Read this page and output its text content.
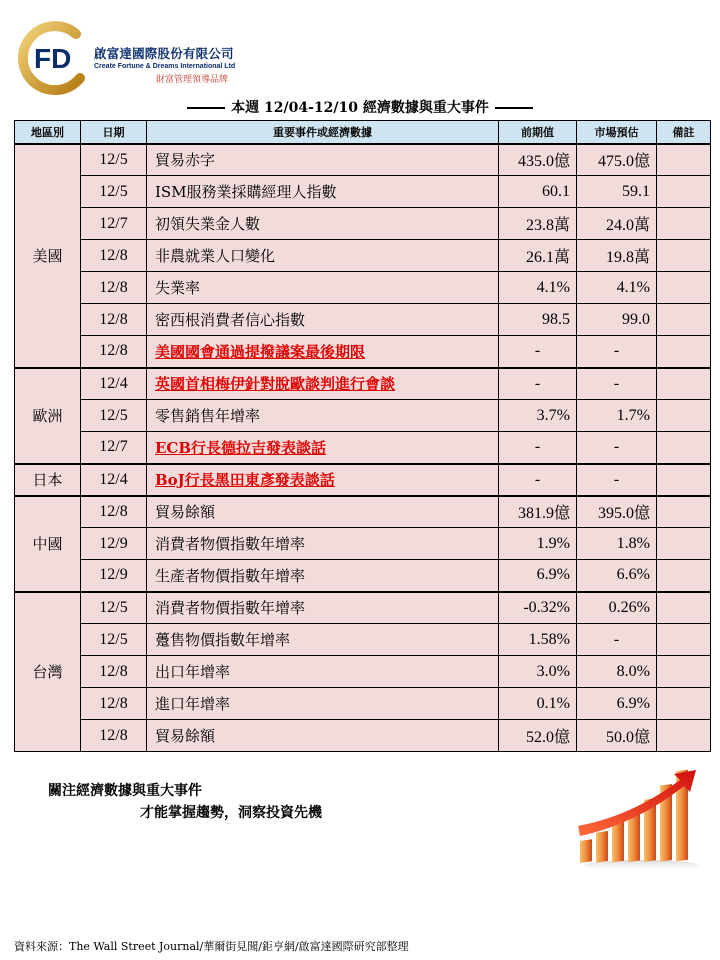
FD 啟富達國際股份有限公司
Create Fortune & Dreams International Ltd
財富管理領導品牌
本週 12/04-12/10 經濟數據與重大事件
地區別	日期	重要事件或經濟數據	前期值	市場預估	備註
美國	12/5	貿易赤字	435.0億	475.0億	
	12/5	ISM服務業採購經理人指數	60.1	59.1	
	12/7	初領失業金人數	23.8萬	24.0萬	
	12/8	非農就業人口變化	26.1萬	19.8萬	
	12/8	失業率	4.1%	4.1%	
	12/8	密西根消費者信心指數	98.5	99.0	
	12/8	美國國會通過提撥議案最後期限	-	-	
歐洲	12/4	英國首相梅伊針對脫歐談判進行會談	-	-	
	12/5	零售銷售年增率	3.7%	1.7%	
	12/7	ECB行長德拉吉發表談話	-	-	
日本	12/4	BoJ行長黑田東彥發表談話	-	-	
中國	12/8	貿易餘額	381.9億	395.0億	
	12/9	消費者物價指數年增率	1.9%	1.8%	
	12/9	生產者物價指數年增率	6.9%	6.6%	
台灣	12/5	消費者物價指數年增率	-0.32%	0.26%	
	12/5	躉售物價指數年增率	1.58%	-	
	12/8	出口年增率	3.0%	8.0%	
	12/8	進口年增率	0.1%	6.9%	
	12/8	貿易餘額	52.0億	50.0億	
關注經濟數據與重大事件
才能掌握趨勢，洞察投資先機
資料來源：The Wall Street Journal/華爾街見聞/鉅亨網/啟富達國際研究部整理
